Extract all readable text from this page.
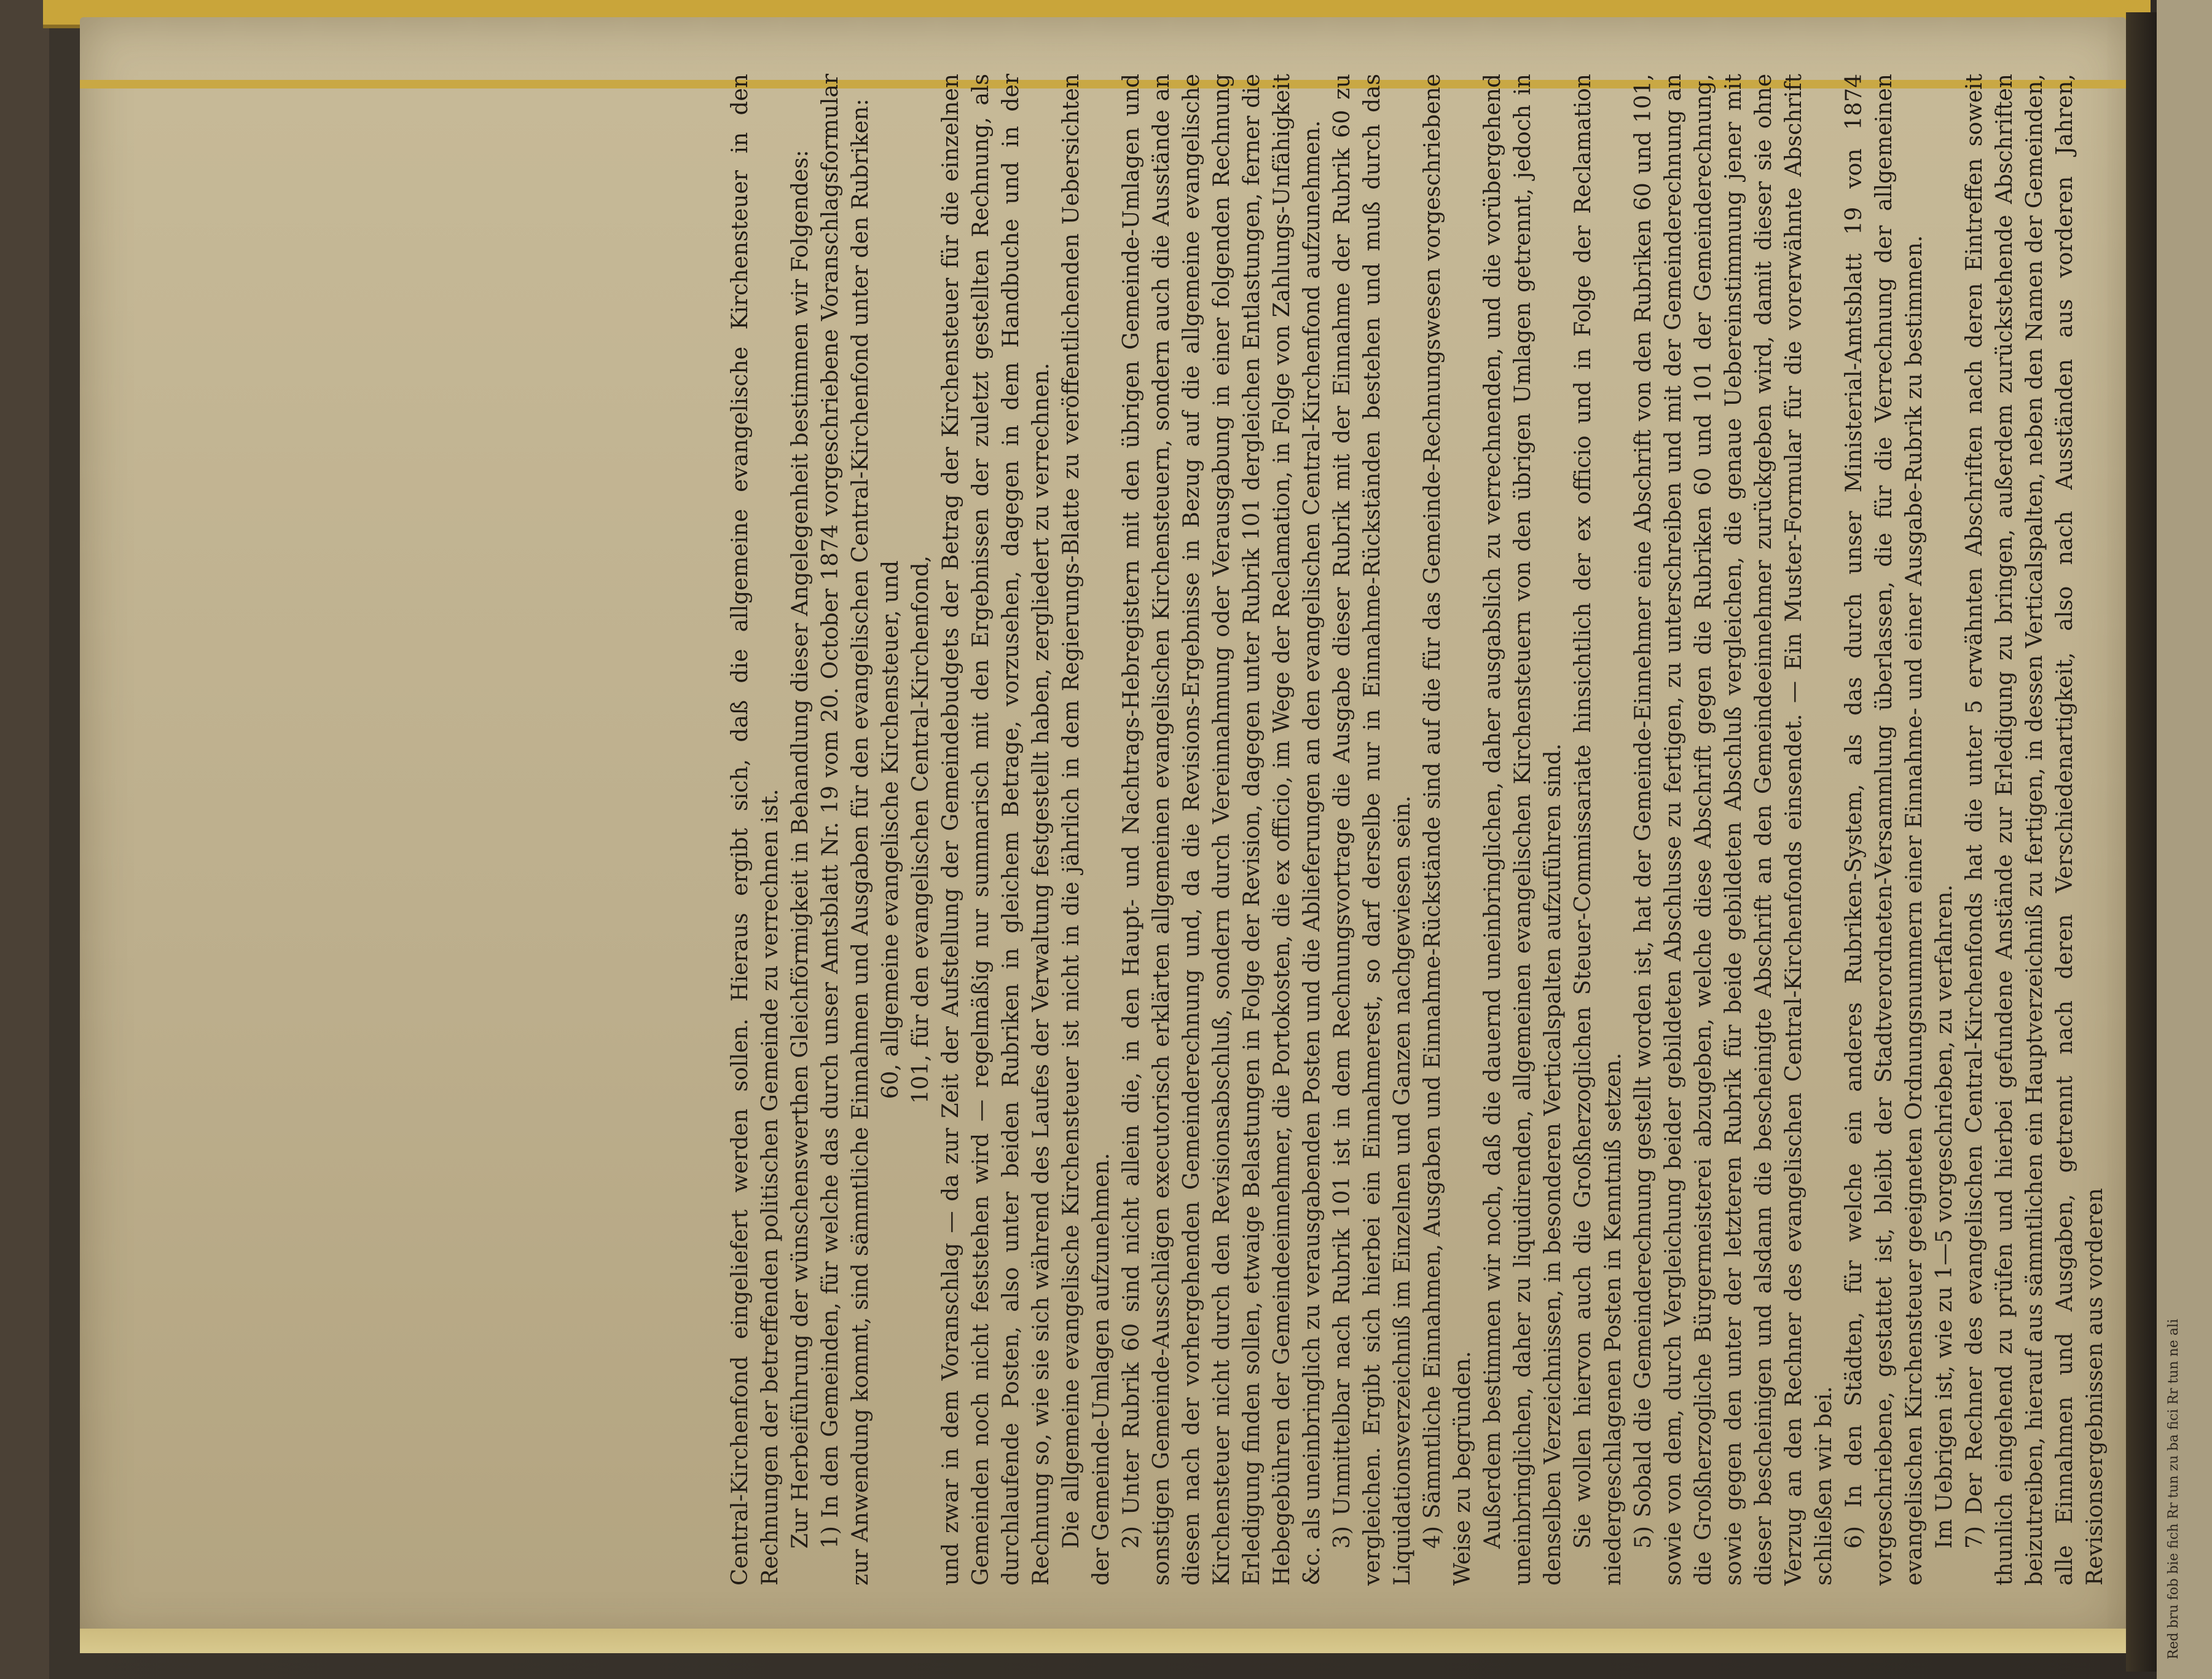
Red bru fob bie fich Rr tun zu ba fici Rr tun ne ali

Central-Kirchenfond eingeliefert werden sollen. Hieraus ergibt sich, daß die allgemeine evangelische Kirchensteuer in den Rechnungen der betreffenden politischen Gemeinde zu verrechnen ist. Zur Herbeiführung der wünschenswerthen Gleichförmigkeit in Behandlung dieser Angelegenheit bestimmen wir Folgendes: 1) In den Gemeinden, für welche das durch unser Amtsblatt Nr. 19 vom 20. October 1874 vorgeschriebene Voranschlagsformular zur Anwendung kommt, sind sämmtliche Einnahmen und Ausgaben für den evangelischen Central-Kirchenfond unter den Rubriken: 60, allgemeine evangelische Kirchensteuer, und 101, für den evangelischen Central-Kirchenfond, und zwar in dem Voranschlag — da zur Zeit der Aufstellung der Gemeindebudgets der Betrag der Kirchensteuer für die einzelnen Gemeinden noch nicht feststehen wird — regelmäßig nur summarisch mit den Ergebnissen der zuletzt gestellten Rechnung, als durchlaufende Posten, also unter beiden Rubriken in gleichem Betrage, vorzusehen, dagegen in dem Handbuche und in der Rechnung so, wie sie sich während des Laufes der Verwaltung festgestellt haben, zergliedert zu verrechnen. Die allgemeine evangelische Kirchensteuer ist nicht in die jährlich in dem Regierungs-Blatte zu veröffentlichenden Uebersichten der Gemeinde-Umlagen aufzunehmen. 2) Unter Rubrik 60 sind nicht allein die, in den Haupt- und Nachtrags-Hebregistern mit den übrigen Gemeinde-Umlagen und sonstigen Gemeinde-Ausschlägen executorisch erklärten allgemeinen evangelischen Kirchensteuern, sondern auch die Ausstände an diesen nach der vorhergehenden Gemeinderechnung und, da die Revisions-Ergebnisse in Bezug auf die allgemeine evangelische Kirchensteuer nicht durch den Revisionsabschluß, sondern durch Vereinnahmung oder Verausgabung in einer folgenden Rechnung Erledigung finden sollen, etwaige Belastungen in Folge der Revision, dagegen unter Rubrik 101 dergleichen Entlastungen, ferner die Hebegebühren der Gemeindeeinnehmer, die Portokosten, die ex officio, im Wege der Reclamation, in Folge von Zahlungs-Unfähigkeit &c. als uneinbringlich zu verausgabenden Posten und die Ablieferungen an den evangelischen Central-Kirchenfond aufzunehmen. 3) Unmittelbar nach Rubrik 101 ist in dem Rechnungsvortrage die Ausgabe dieser Rubrik mit der Einnahme der Rubrik 60 zu vergleichen. Ergibt sich hierbei ein Einnahmerest, so darf derselbe nur in Einnahme-Rückständen bestehen und muß durch das Liquidationsverzeichniß im Einzelnen und Ganzen nachgewiesen sein. 4) Sämmtliche Einnahmen, Ausgaben und Einnahme-Rückstände sind auf die für das Gemeinde-Rechnungswesen vorgeschriebene Weise zu begründen. Außerdem bestimmen wir noch, daß die dauernd uneinbringlichen, daher ausgabslich zu verrechnenden, und die vorübergehend uneinbringlichen, daher zu liquidirenden, allgemeinen evangelischen Kirchensteuern von den übrigen Umlagen getrennt, jedoch in denselben Verzeichnissen, in besonderen Verticalspalten aufzuführen sind. Sie wollen hiervon auch die Großherzoglichen Steuer-Commissariate hinsichtlich der ex officio und in Folge der Reclamation niedergeschlagenen Posten in Kenntniß setzen. 5) Sobald die Gemeinderechnung gestellt worden ist, hat der Gemeinde-Einnehmer eine Abschrift von den Rubriken 60 und 101, sowie von dem, durch Vergleichung beider gebildeten Abschlusse zu fertigen, zu unterschreiben und mit der Gemeinderechnung an die Großherzogliche Bürgermeisterei abzugeben, welche diese Abschrift gegen die Rubriken 60 und 101 der Gemeinderechnung, sowie gegen den unter der letzteren Rubrik für beide gebildeten Abschluß vergleichen, die genaue Uebereinstimmung jener mit dieser bescheinigen und alsdann die bescheinigte Abschrift an den Gemeindeeinnehmer zurückgeben wird, damit dieser sie ohne Verzug an den Rechner des evangelischen Central-Kirchenfonds einsendet. — Ein Muster-Formular für die vorerwähnte Abschrift schließen wir bei. 6) In den Städten, für welche ein anderes Rubriken-System, als das durch unser Ministerial-Amtsblatt 19 von 1874 vorgeschriebene, gestattet ist, bleibt der Stadtverordneten-Versammlung überlassen, die für die Verrechnung der allgemeinen evangelischen Kirchensteuer geeigneten Ordnungsnummern einer Einnahme- und einer Ausgabe-Rubrik zu bestimmen. Im Uebrigen ist, wie zu 1—5 vorgeschrieben, zu verfahren. 7) Der Rechner des evangelischen Central-Kirchenfonds hat die unter 5 erwähnten Abschriften nach deren Eintreffen soweit thunlich eingehend zu prüfen und hierbei gefundene Anstände zur Erledigung zu bringen, außerdem zurückstehende Abschriften beizutreiben, hierauf aus sämmtlichen ein Hauptverzeichniß zu fertigen, in dessen Verticalspalten, neben den Namen der Gemeinden, alle Einnahmen und Ausgaben, getrennt nach deren Verschiedenartigkeit, also nach Ausständen aus vorderen Jahren, Revisionsergebnissen aus vorderen
